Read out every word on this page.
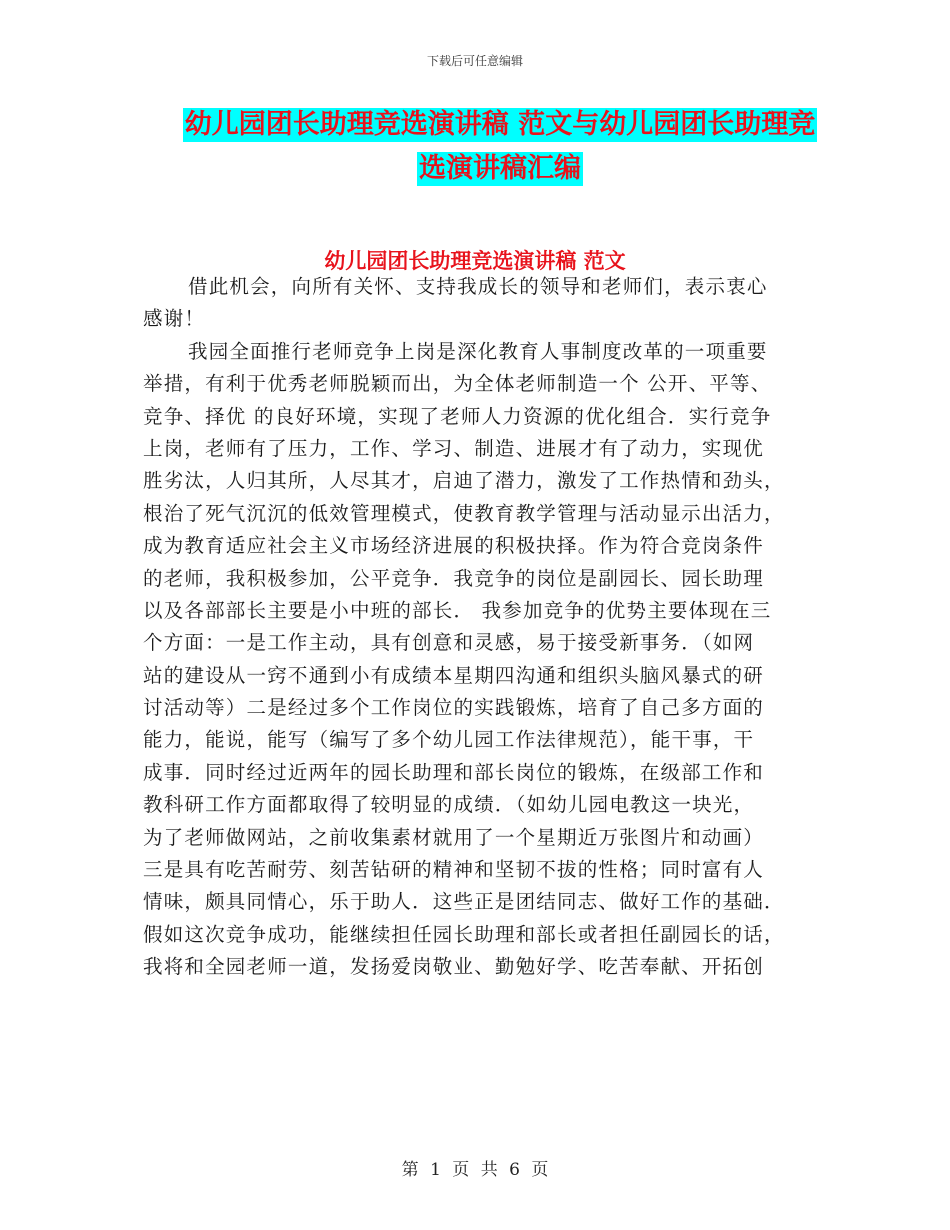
下载后可任意编辑
幼儿园团长助理竞选演讲稿 范文与幼儿园团长助理竞
选演讲稿汇编
幼儿园团长助理竞选演讲稿 范文
借此机会，向所有关怀、支持我成长的领导和老师们，表示衷心
感谢！
我园全面推行老师竞争上岗是深化教育人事制度改革的一项重要
举措，有利于优秀老师脱颖而出，为全体老师制造一个 公开、平等、
竞争、择优 的良好环境，实现了老师人力资源的优化组合．实行竞争
上岗，老师有了压力，工作、学习、制造、进展才有了动力，实现优
胜劣汰，人归其所，人尽其才，启迪了潜力，激发了工作热情和劲头，
根治了死气沉沉的低效管理模式，使教育教学管理与活动显示出活力，
成为教育适应社会主义市场经济进展的积极抉择。作为符合竞岗条件
的老师，我积极参加，公平竞争．我竞争的岗位是副园长、园长助理
以及各部部长主要是小中班的部长． 我参加竞争的优势主要体现在三
个方面：一是工作主动，具有创意和灵感，易于接受新事务．（如网
站的建设从一窍不通到小有成绩本星期四沟通和组织头脑风暴式的研
讨活动等）二是经过多个工作岗位的实践锻炼，培育了自己多方面的
能力，能说，能写（编写了多个幼儿园工作法律规范），能干事，干
成事．同时经过近两年的园长助理和部长岗位的锻炼，在级部工作和
教科研工作方面都取得了较明显的成绩．（如幼儿园电教这一块光，
为了老师做网站，之前收集素材就用了一个星期近万张图片和动画）
三是具有吃苦耐劳、刻苦钻研的精神和坚韧不拔的性格；同时富有人
情味，颇具同情心，乐于助人．这些正是团结同志、做好工作的基础．
假如这次竞争成功，能继续担任园长助理和部长或者担任副园长的话，
我将和全园老师一道，发扬爱岗敬业、勤勉好学、吃苦奉献、开拓创
第 1 页 共 6 页
